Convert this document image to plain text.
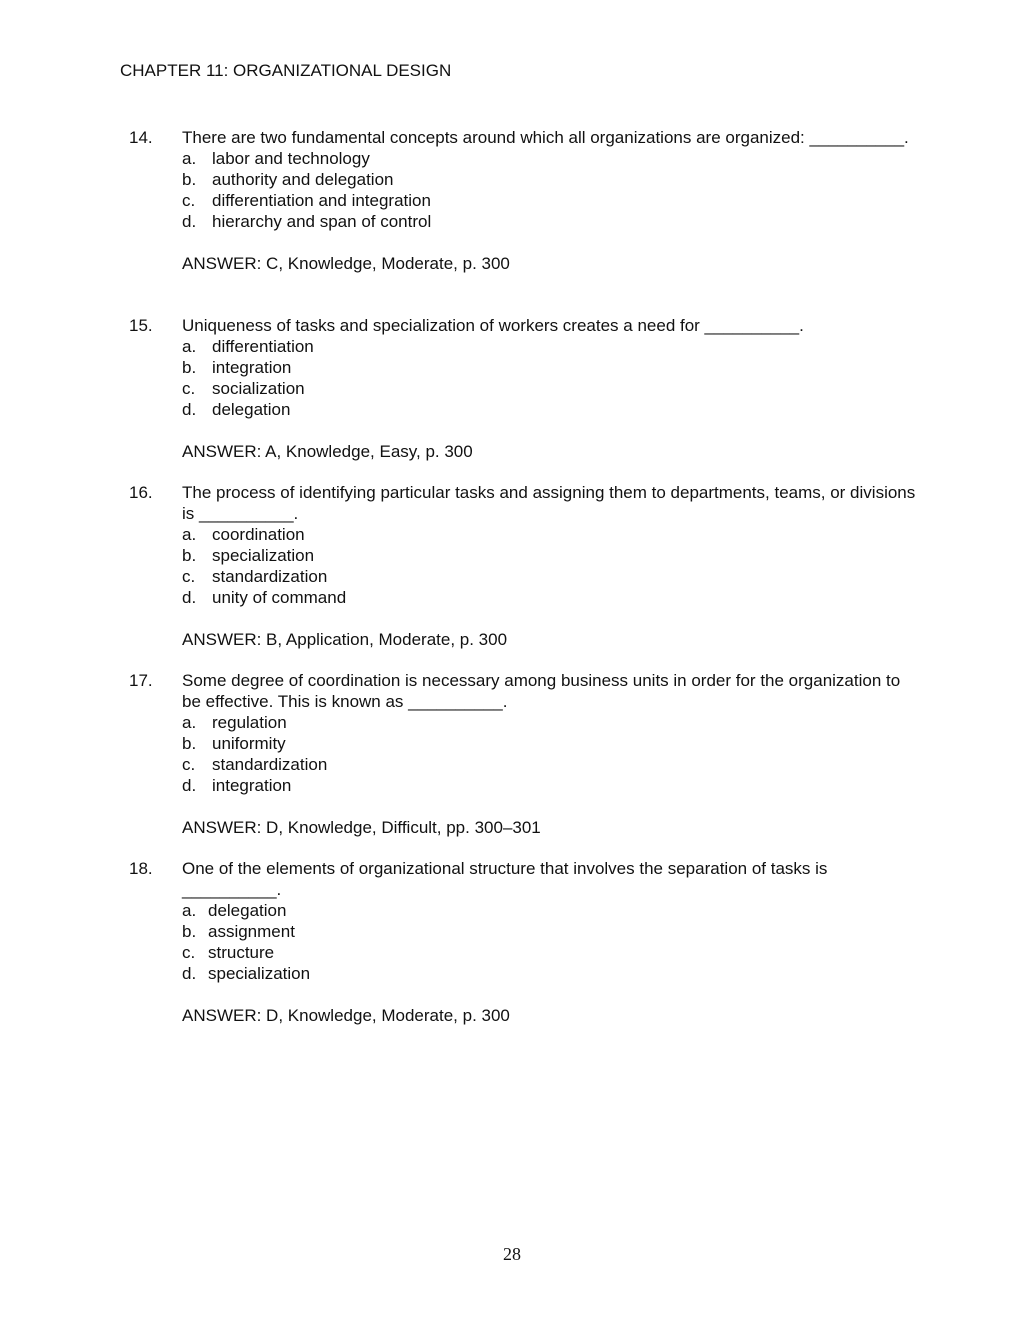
CHAPTER 11: ORGANIZATIONAL DESIGN
14. There are two fundamental concepts around which all organizations are organized: __________.
a. labor and technology
b. authority and delegation
c. differentiation and integration
d. hierarchy and span of control
ANSWER: C, Knowledge, Moderate, p. 300
15. Uniqueness of tasks and specialization of workers creates a need for __________.
a. differentiation
b. integration
c. socialization
d. delegation
ANSWER: A, Knowledge, Easy, p. 300
16. The process of identifying particular tasks and assigning them to departments, teams, or divisions is __________.
a. coordination
b. specialization
c. standardization
d. unity of command
ANSWER: B, Application, Moderate, p. 300
17. Some degree of coordination is necessary among business units in order for the organization to be effective. This is known as __________.
a. regulation
b. uniformity
c. standardization
d. integration
ANSWER: D, Knowledge, Difficult, pp. 300–301
18. One of the elements of organizational structure that involves the separation of tasks is __________.
a. delegation
b. assignment
c. structure
d. specialization
ANSWER: D, Knowledge, Moderate, p. 300
28
